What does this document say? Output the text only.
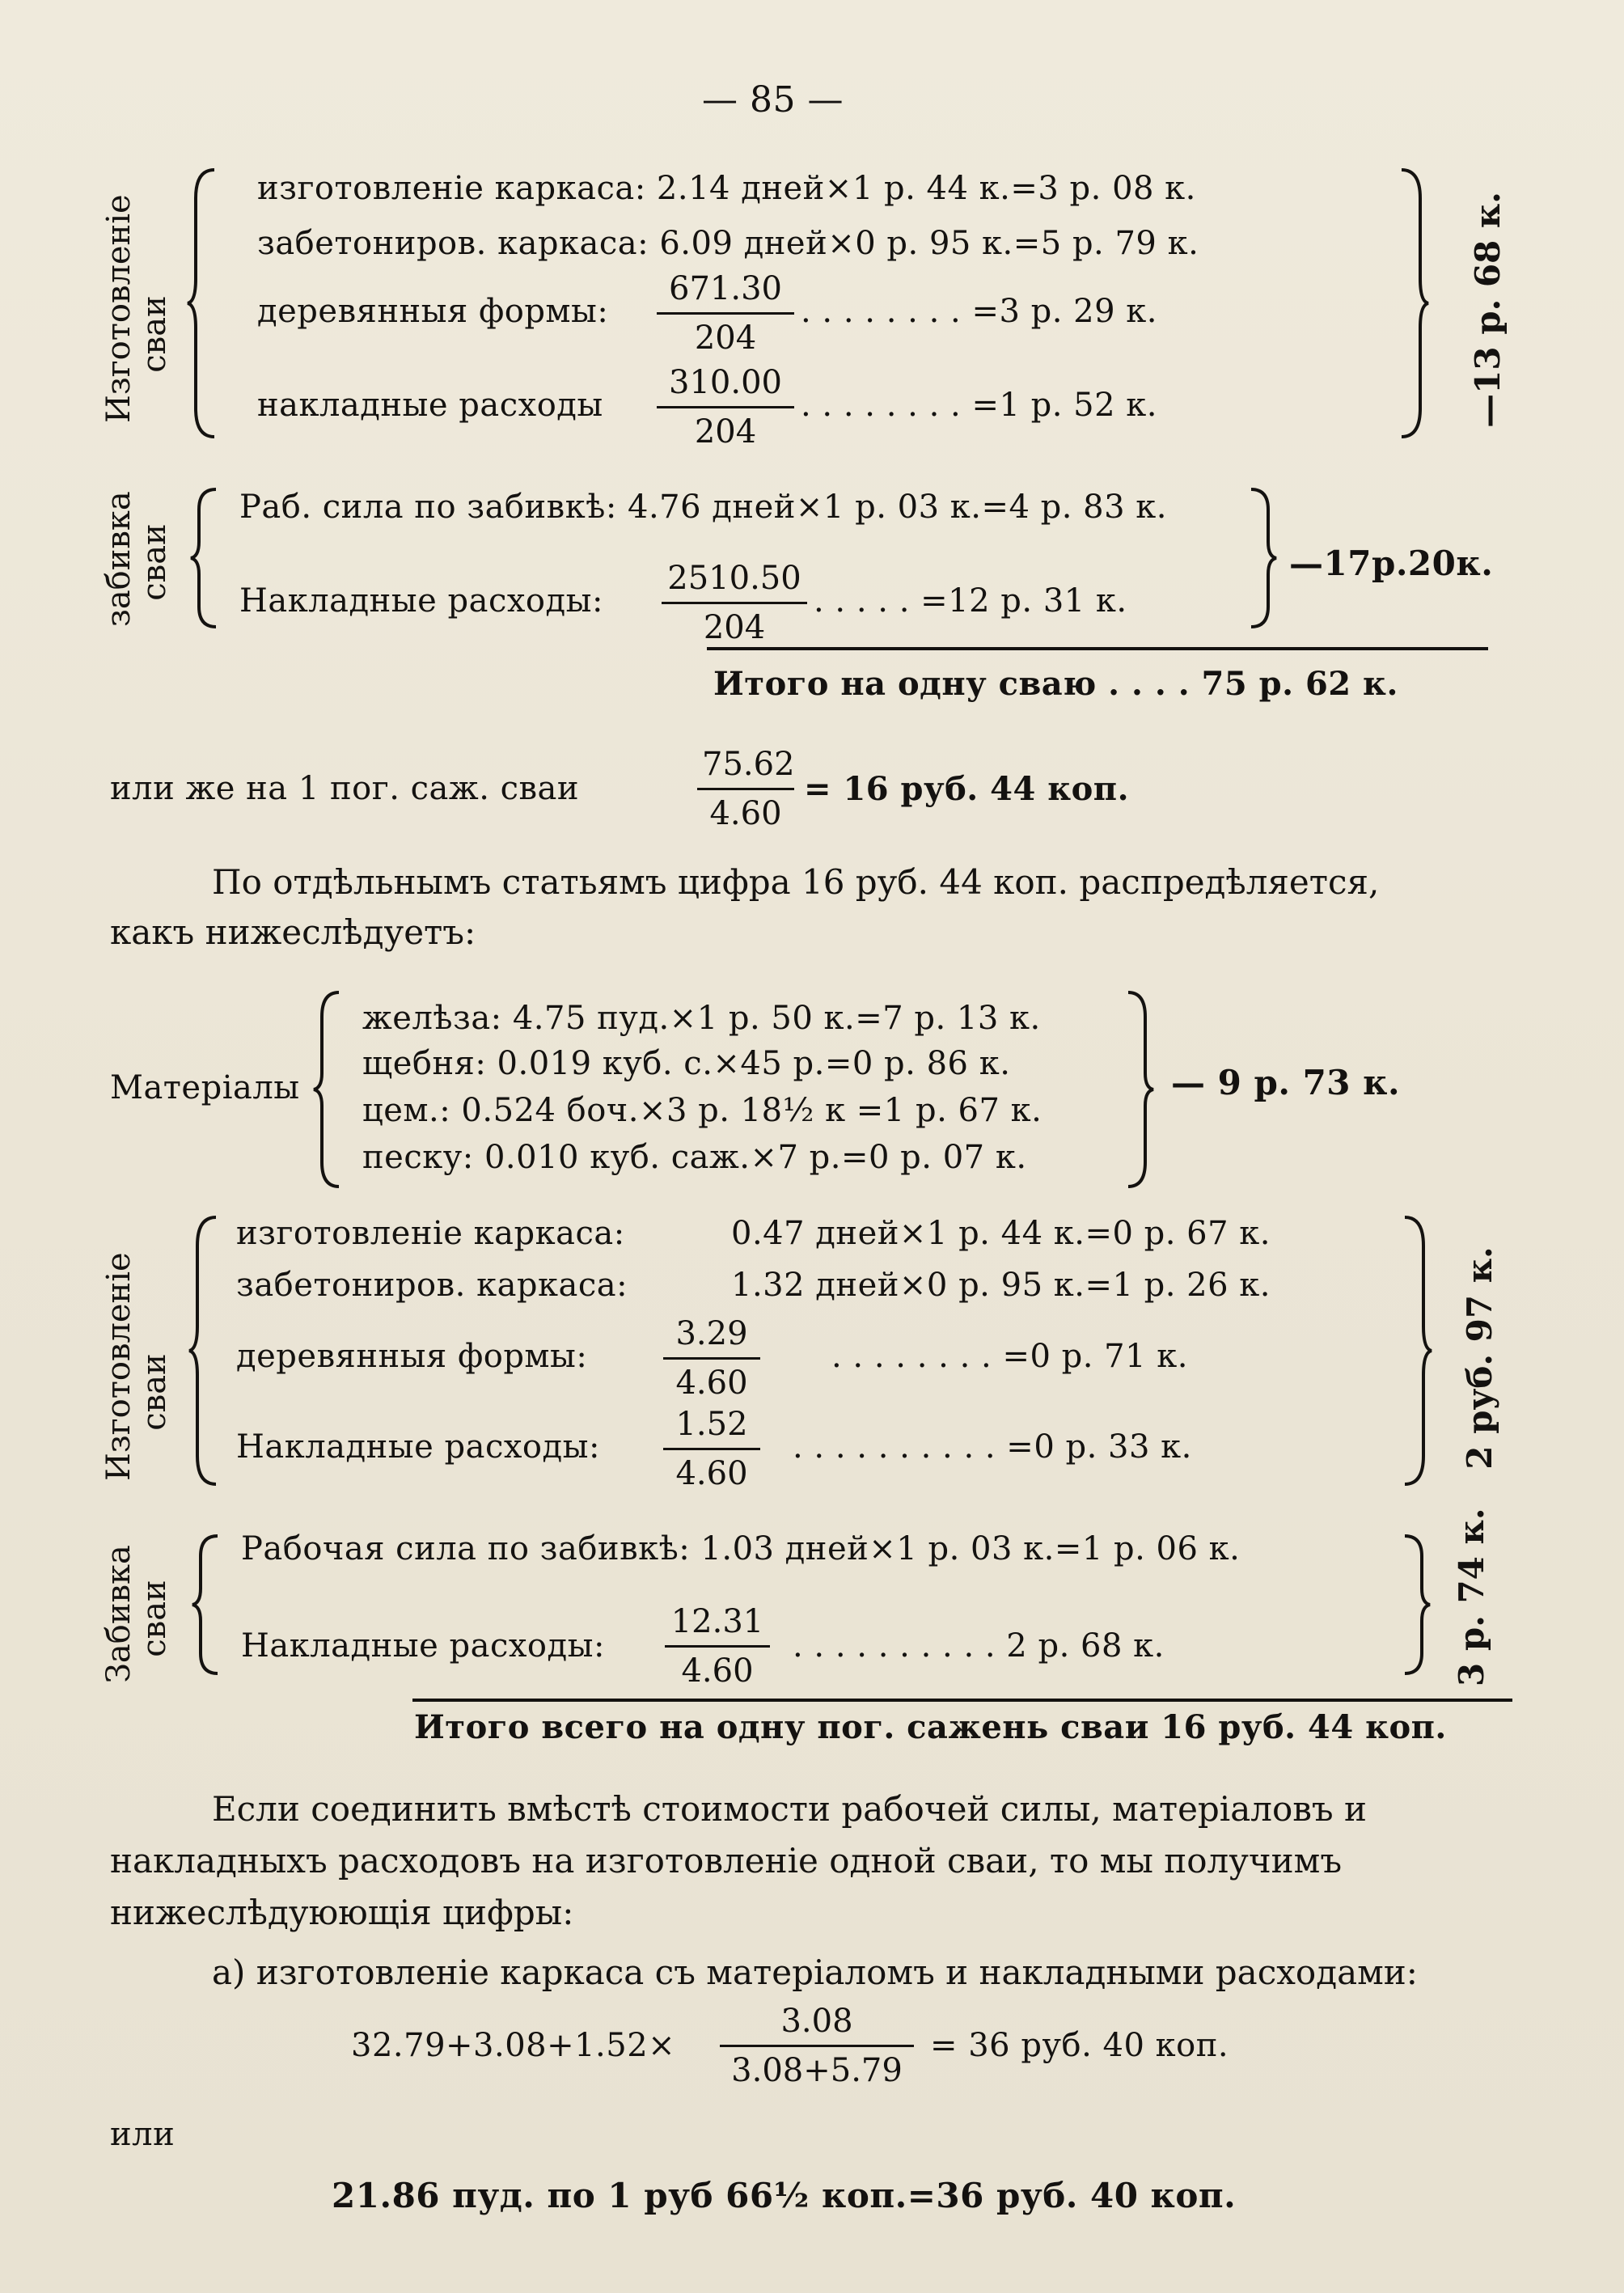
— 85 —
Изготовленіе
сваи
изготовленіе каркаса: 2.14 дней×1 р. 44 к.=3 р. 08 к.
забетониров. каркаса: 6.09 дней×0 р. 95 к.=5 р. 79 к.
деревянныя формы: $\frac{671.30}{204}$ . . . . . . . . =3 р. 29 к.
накладные расходы $\frac{310.00}{204}$ . . . . . . . . =1 р. 52 к.	—13 р. 68 к.
забивка
сваи
Раб. сила по забивкѣ: 4.76 дней×1 р. 03 к.=4 р. 83 к.
Накладные расходы: $\frac{2510.50}{204}$ . . . . . =12 р. 31 к.
—17р.20к.
Итого на одну сваю . . . . 75 р. 62 к.
или же на 1 пог. саж. сваи	$\frac{75.62}{4.60} = 16$ руб. 44 коп.
По отдѣльнымъ статьямъ цифра 16 руб. 44 коп. распредѣляется,
какъ нижеслѣдуетъ:
Матеріалы
желѣза: 4.75 пуд.×1 р. 50 к.=7 р. 13 к.
щебня: 0.019 куб. с.×45 р.=0 р. 86 к.
цем.: 0.524 боч.×3 р. 18½ к =1 р. 67 к.
песку: 0.010 куб. саж.×7 р.=0 р. 07 к.
— 9 р. 73 к.
Изготовленіе
сваи
изготовленіе каркаса:	0.47 дней×1 р. 44 к.=0 р. 67 к.
забетониров. каркаса:	1.32 дней×0 р. 95 к.=1 р. 26 к.
деревянныя формы: $\frac{3.29}{4.60}$ . . . . . . . . =0 р. 71 к.
Накладные расходы: $\frac{1.52}{4.60}$ . . . . . . . . . . =0 р. 33 к.	2 руб. 97 к.
Забивка
сваи
Рабочая сила по забивкѣ: 1.03 дней×1 р. 03 к.=1 р. 06 к.
Накладные расходы: $\frac{12.31}{4.60}$ . . . . . . . . . . 2 р. 68 к.	3 р. 74 к.
Итого всего на одну пог. сажень сваи 16 руб. 44 коп.
Если соединить вмѣстѣ стоимости рабочей силы, матеріаловъ и
накладныхъ расходовъ на изготовленіе одной сваи, то мы получимъ
нижеслѣдуюющія цифры:
а) изготовленіе каркаса съ матеріаломъ и накладными расходами:
$32.79+3.08+1.52\times \frac{3.08}{3.08+5.79} = 36$ руб. 40 коп.
или
21.86 пуд. по 1 руб 66½ коп.=36 руб. 40 коп.
